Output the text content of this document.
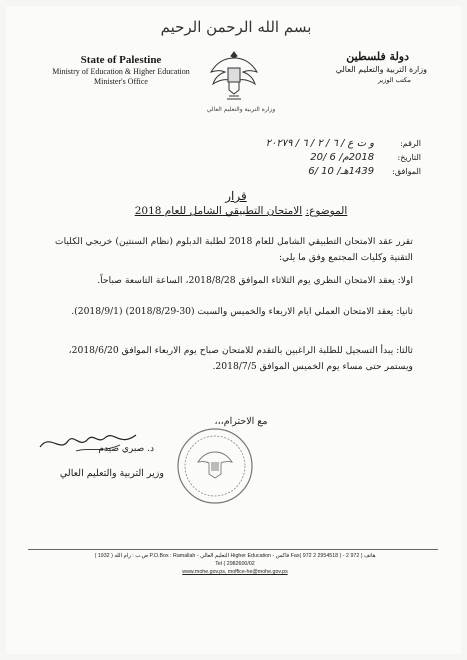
بسم الله الرحمن الرحيم
State of Palestine
Ministry of Education & Higher Education
Minister's Office
وزارة التربية والتعليم العالي
دولة فلسطين
وزارة التربية والتعليم العالي
مكتب الوزير
الرقم: و ت ع / ٦ / ٢ / ٦ / ٢٠٢٧٩
التاريخ: 2018م/ 6 /20
الموافق: 1439هـ/ 10 /6
قرار
الموضوع: الامتحان التطبيقي الشامل للعام 2018
تقرر عقد الامتحان التطبيقي الشامل للعام 2018 لطلبة الدبلوم (نظام السنتين) خريجي الكليات التقنية وكليات المجتمع وفق ما يلي:
اولا: يعقد الامتحان النظري يوم الثلاثاء الموافق 2018/8/28، الساعة التاسعة صباحاً.
ثانيا: يعقد الامتحان العملي ايام الاربعاء والخميس والسبت (30-2018/8/29) (2018/9/1).
ثالثا: يبدأ التسجيل للطلبة الراغبين بالتقدم للامتحان صباح يوم الاربعاء الموافق 2018/6/20، ويستمر حتى مساء يوم الخميس الموافق 2018/7/5.
مع الاحترام،،،
د. صبري صيدم
وزير التربية والتعليم العالي
ص.ب : رام الله ( 1932 ) P.O.Box : Ramallah - التعليم العالي Higher Education - فاكس Fax( 972 2 2954518 ) - هاتف ( 972 2
Tel ( 2982600/02
www.mohe.gov.ps, moffice-he@mohe.gov.ps
